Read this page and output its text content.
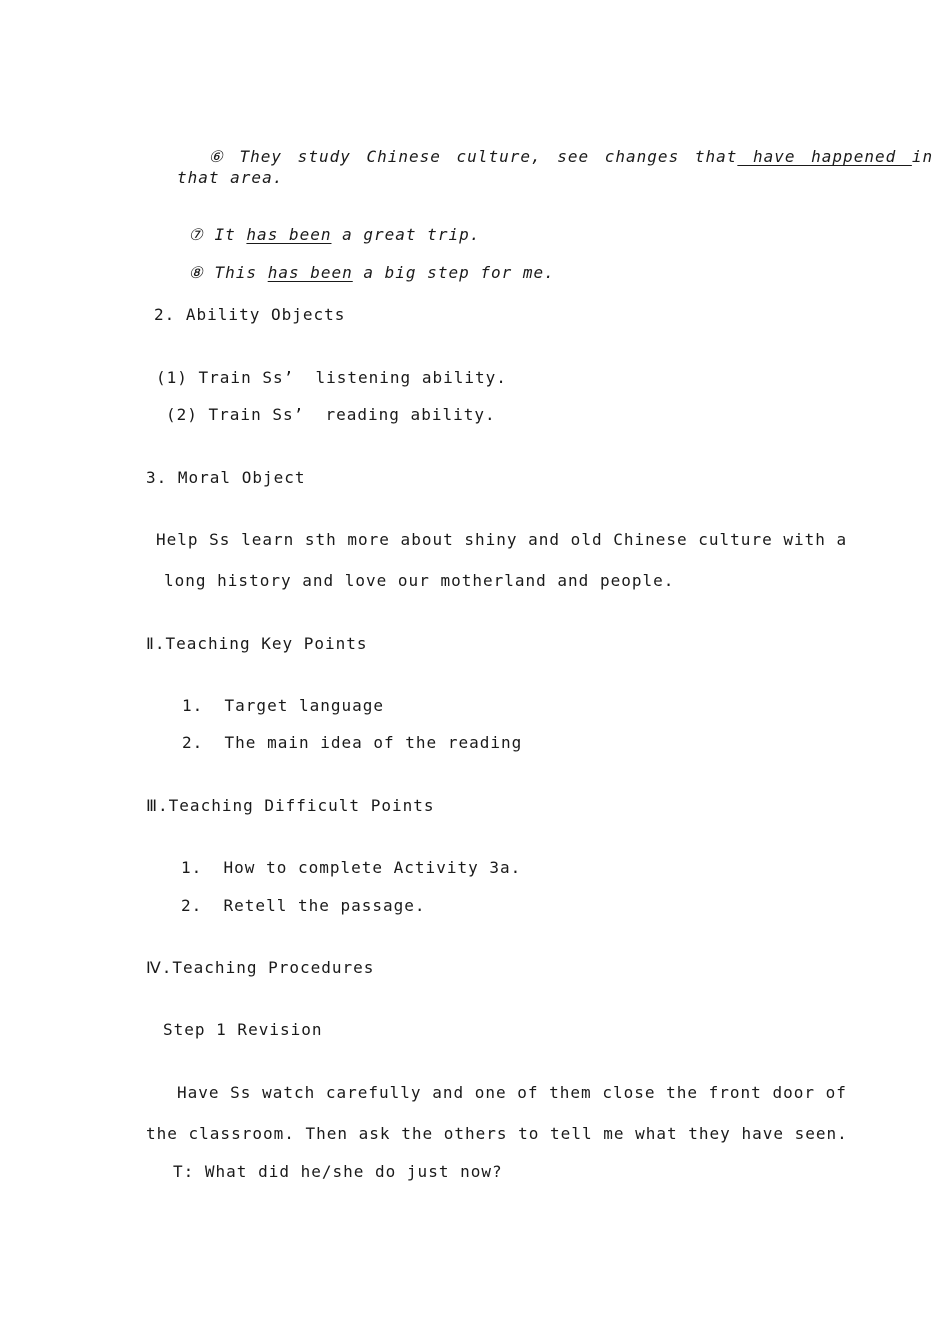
⑥ They study Chinese culture, see changes that have happened in

that area.

⑦ It has been a great trip.

⑧ This has been a big step for me.

2. Ability Objects
(1) Train Ss’  listening ability.
(2) Train Ss’  reading ability.
3. Moral Object
Help Ss learn sth more about shiny and old Chinese culture with a
long history and love our motherland and people.
Ⅱ.Teaching Key Points
1.  Target language
2.  The main idea of the reading
Ⅲ.Teaching Difficult Points
1.  How to complete Activity 3a.
2.  Retell the passage.
Ⅳ.Teaching Procedures
Step 1 Revision
Have Ss watch carefully and one of them close the front door of
the classroom. Then ask the others to tell me what they have seen.
T: What did he/she do just now?
